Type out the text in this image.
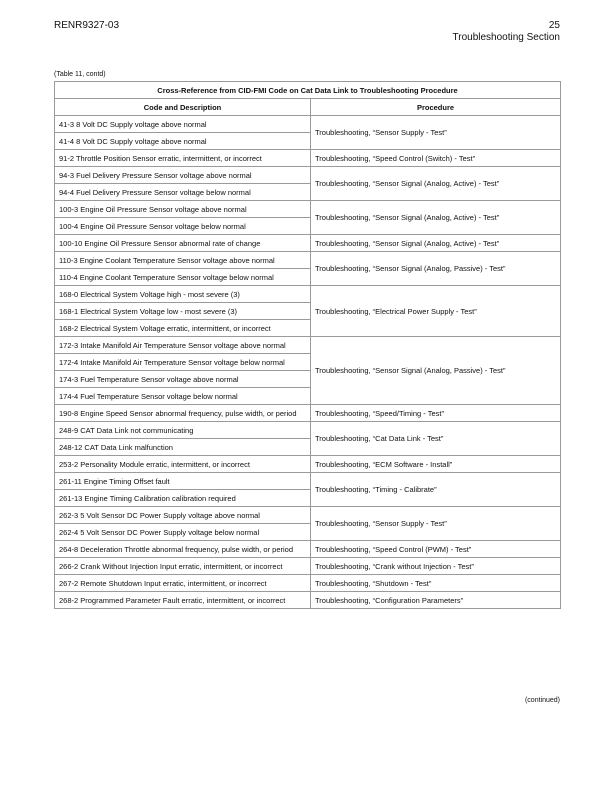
RENR9327-03	25
Troubleshooting Section
(Table 11, contd)
Cross-Reference from CID-FMI Code on Cat Data Link to Troubleshooting Procedure	
Code and Description	Procedure
41-3 8 Volt DC Supply voltage above normal	Troubleshooting, “Sensor Supply - Test”
41-4 8 Volt DC Supply voltage above normal	
91-2 Throttle Position Sensor erratic, intermittent, or incorrect	Troubleshooting, “Speed Control (Switch) - Test”
94-3 Fuel Delivery Pressure Sensor voltage above normal	Troubleshooting, “Sensor Signal (Analog, Active) - Test”
94-4 Fuel Delivery Pressure Sensor voltage below normal	
100-3 Engine Oil Pressure Sensor voltage above normal	Troubleshooting, “Sensor Signal (Analog, Active) - Test”
100-4 Engine Oil Pressure Sensor voltage below normal	
100-10 Engine Oil Pressure Sensor abnormal rate of change	Troubleshooting, “Sensor Signal (Analog, Active) - Test”
110-3 Engine Coolant Temperature Sensor voltage above normal	Troubleshooting, “Sensor Signal (Analog, Passive) - Test”
110-4 Engine Coolant Temperature Sensor voltage below normal	
168-0 Electrical System Voltage high - most severe (3)	Troubleshooting, “Electrical Power Supply - Test”
168-1 Electrical System Voltage low - most severe (3)	
168-2 Electrical System Voltage erratic, intermittent, or incorrect	
172-3 Intake Manifold Air Temperature Sensor voltage above normal	Troubleshooting, “Sensor Signal (Analog, Passive) - Test”
172-4 Intake Manifold Air Temperature Sensor voltage below normal	
174-3 Fuel Temperature Sensor voltage above normal	
174-4 Fuel Temperature Sensor voltage below normal	
190-8 Engine Speed Sensor abnormal frequency, pulse width, or period	Troubleshooting, “Speed/Timing - Test”
248-9 CAT Data Link not communicating	Troubleshooting, “Cat Data Link - Test”
248-12 CAT Data Link malfunction	
253-2 Personality Module erratic, intermittent, or incorrect	Troubleshooting, “ECM Software - Install”
261-11 Engine Timing Offset fault	Troubleshooting, “Timing - Calibrate”
261-13 Engine Timing Calibration calibration required	
262-3 5 Volt Sensor DC Power Supply voltage above normal	Troubleshooting, “Sensor Supply - Test”
262-4 5 Volt Sensor DC Power Supply voltage below normal	
264-8 Deceleration Throttle abnormal frequency, pulse width, or period	Troubleshooting, “Speed Control (PWM) - Test”
266-2 Crank Without Injection Input erratic, intermittent, or incorrect	Troubleshooting, “Crank without Injection - Test”
267-2 Remote Shutdown Input erratic, intermittent, or incorrect	Troubleshooting, “Shutdown - Test”
268-2 Programmed Parameter Fault erratic, intermittent, or incorrect	Troubleshooting, “Configuration Parameters”
(continued)
